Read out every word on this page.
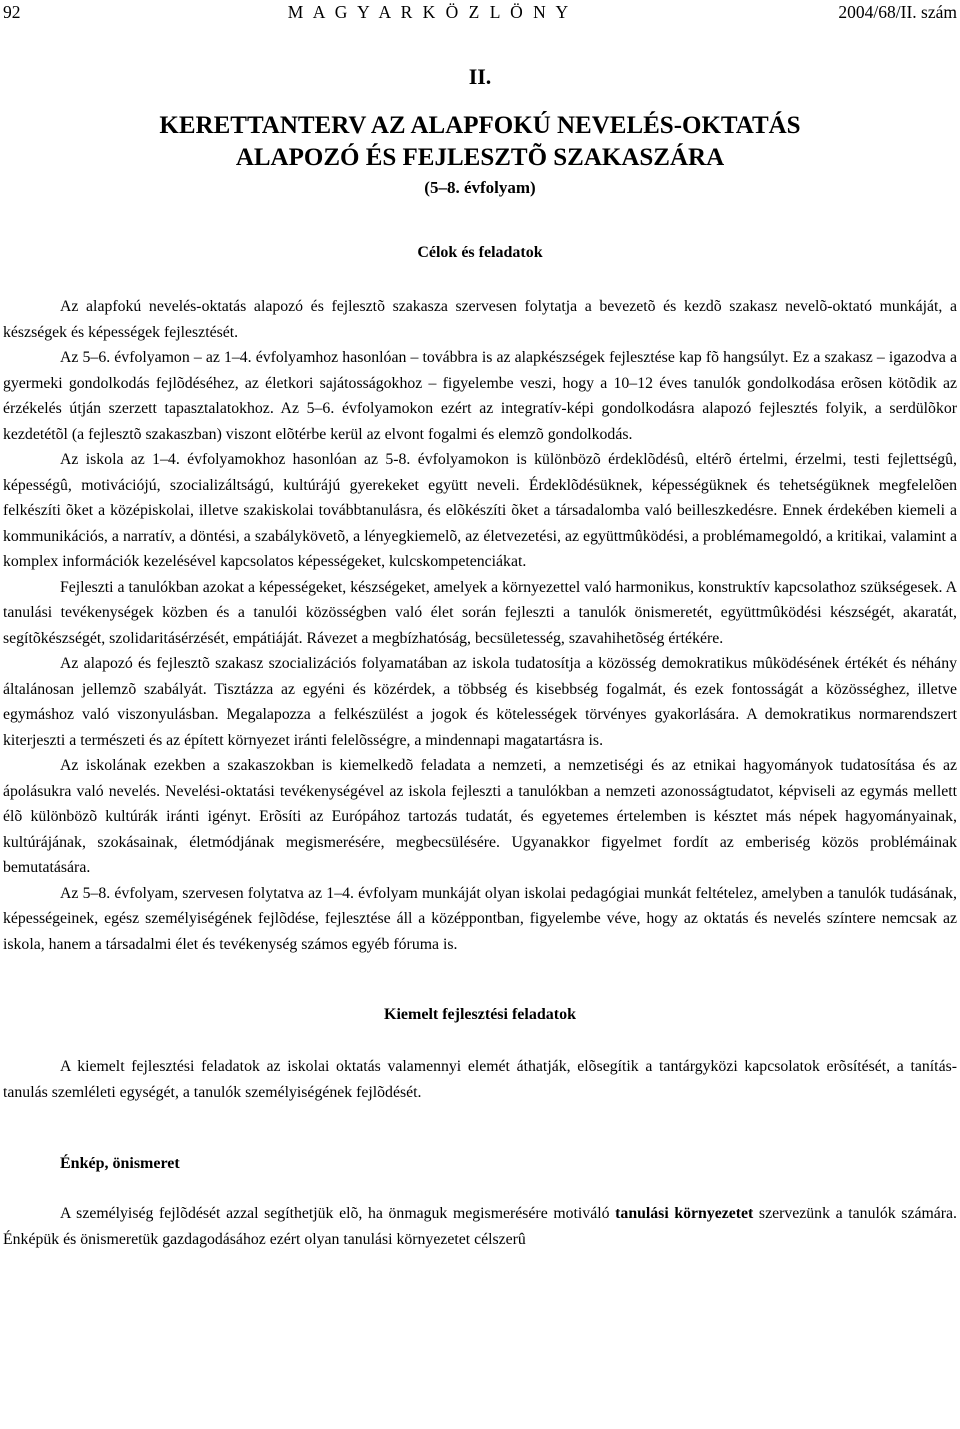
92	M A G Y A R K Ö Z L Ö N Y	2004/68/II. szám
II.
KERETTANTERV AZ ALAPFOKÚ NEVELÉS-OKTATÁS
ALAPOZÓ ÉS FEJLESZTÕ SZAKASZÁRA
(5–8. évfolyam)
Célok és feladatok

Az alapfokú nevelés-oktatás alapozó és fejlesztõ szakasza szervesen folytatja a bevezetõ és kezdõ szakasz nevelõ-oktató munkáját, a készségek és képességek fejlesztését.

Az 5–6. évfolyamon – az 1–4. évfolyamhoz hasonlóan – továbbra is az alapkészségek fejlesztése kap fõ hangsúlyt. Ez a szakasz – igazodva a gyermeki gondolkodás fejlõdéséhez, az életkori sajátosságokhoz – figyelembe veszi, hogy a 10–12 éves tanulók gondolkodása erõsen kötõdik az érzékelés útján szerzett tapasztalatokhoz. Az 5–6. évfolyamokon ezért az integratív-képi gondolkodásra alapozó fejlesztés folyik, a serdülõkor kezdetétõl (a fejlesztõ szakaszban) viszont elõtérbe kerül az elvont fogalmi és elemzõ gondolkodás.

Az iskola az 1–4. évfolyamokhoz hasonlóan az 5-8. évfolyamokon is különbözõ érdeklõdésû, eltérõ értelmi, érzelmi, testi fejlettségû, képességû, motivációjú, szocializáltságú, kultúrájú gyerekeket együtt neveli. Érdeklõdésüknek, képességüknek és tehetségüknek megfelelõen felkészíti õket a középiskolai, illetve szakiskolai továbbtanulásra, és elõkészíti õket a társadalomba való beilleszkedésre. Ennek érdekében kiemeli a kommunikációs, a narratív, a döntési, a szabálykövetõ, a lényegkiemelõ, az életvezetési, az együttmûködési, a problémamegoldó, a kritikai, valamint a komplex információk kezelésével kapcsolatos képességeket, kulcskompetenciákat.

Fejleszti a tanulókban azokat a képességeket, készségeket, amelyek a környezettel való harmonikus, konstruktív kapcsolathoz szükségesek. A tanulási tevékenységek közben és a tanulói közösségben való élet során fejleszti a tanulók önismeretét, együttmûködési készségét, akaratát, segítõkészségét, szolidaritásérzését, empátiáját. Rávezet a megbízhatóság, becsületesség, szavahihetõség értékére.

Az alapozó és fejlesztõ szakasz szocializációs folyamatában az iskola tudatosítja a közösség demokratikus mûködésének értékét és néhány általánosan jellemzõ szabályát. Tisztázza az egyéni és közérdek, a többség és kisebbség fogalmát, és ezek fontosságát a közösséghez, illetve egymáshoz való viszonyulásban. Megalapozza a felkészülést a jogok és kötelességek törvényes gyakorlására. A demokratikus normarendszert kiterjeszti a természeti és az épített környezet iránti felelõsségre, a mindennapi magatartásra is.

Az iskolának ezekben a szakaszokban is kiemelkedõ feladata a nemzeti, a nemzetiségi és az etnikai hagyományok tudatosítása és az ápolásukra való nevelés. Nevelési-oktatási tevékenységével az iskola fejleszti a tanulókban a nemzeti azonosságtudatot, képviseli az egymás mellett élõ különbözõ kultúrák iránti igényt. Erõsíti az Európához tartozás tudatát, és egyetemes értelemben is késztet más népek hagyományainak, kultúrájának, szokásainak, életmódjának megismerésére, megbecsülésére. Ugyanakkor figyelmet fordít az emberiség közös problémáinak bemutatására.

Az 5–8. évfolyam, szervesen folytatva az 1–4. évfolyam munkáját olyan iskolai pedagógiai munkát feltételez, amelyben a tanulók tudásának, képességeinek, egész személyiségének fejlõdése, fejlesztése áll a középpontban, figyelembe véve, hogy az oktatás és nevelés színtere nemcsak az iskola, hanem a társadalmi élet és tevékenység számos egyéb fóruma is.

Kiemelt fejlesztési feladatok

A kiemelt fejlesztési feladatok az iskolai oktatás valamennyi elemét áthatják, elõsegítik a tantárgyközi kapcsolatok erõsítését, a tanítás-tanulás szemléleti egységét, a tanulók személyiségének fejlõdését.

Énkép, önismeret

A személyiség fejlõdését azzal segíthetjük elõ, ha önmaguk megismerésére motiváló tanulási környezetet szervezünk a tanulók számára. Énképük és önismeretük gazdagodásához ezért olyan tanulási környezetet célszerû
